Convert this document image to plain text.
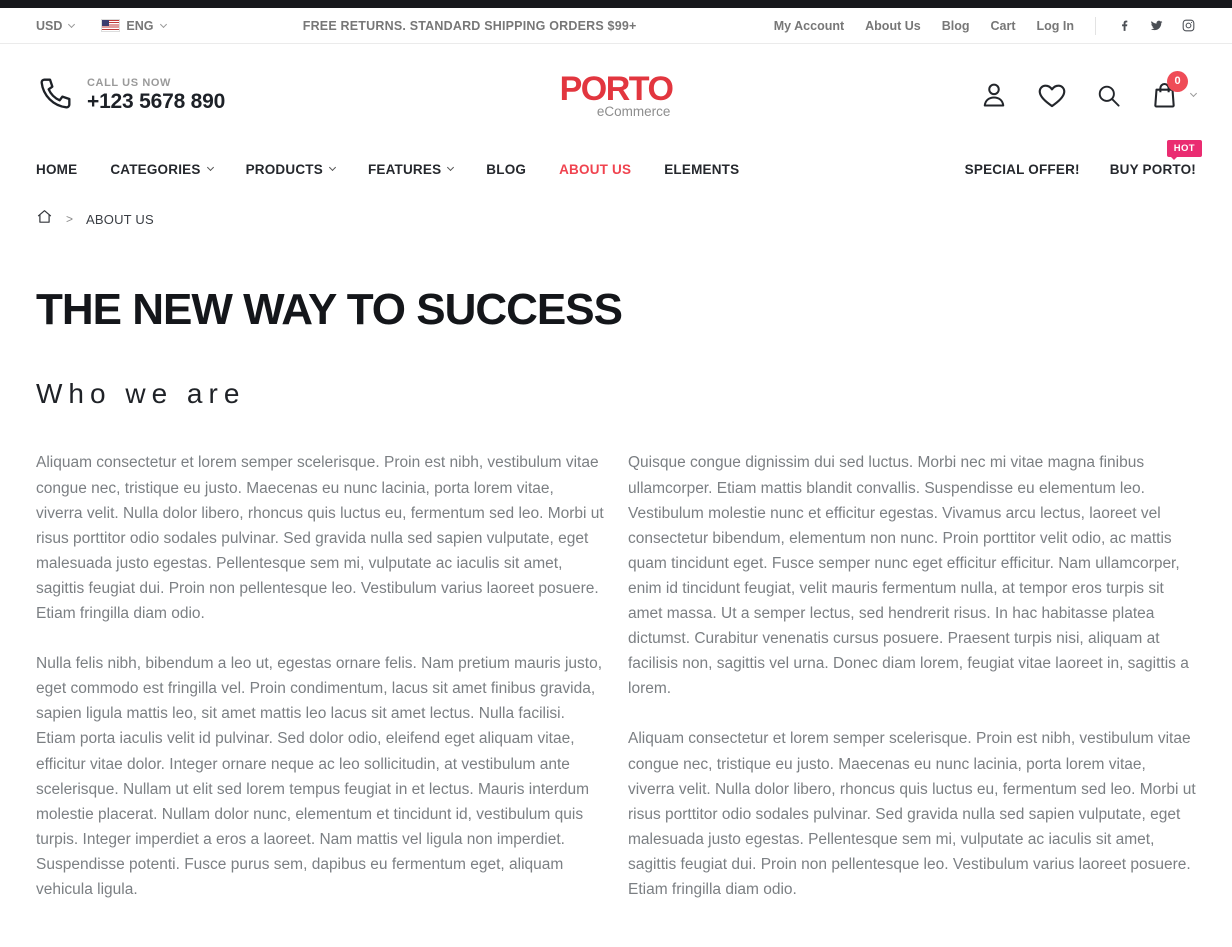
USD	ENG	FREE RETURNS. STANDARD SHIPPING ORDERS $99+	My Account About Us Blog Cart Log In
CALL US NOW
+123 5678 890	PORTO
eCommerce
0
HOME CATEGORIES	PRODUCTS	FEATURES	BLOG ABOUT US ELEMENTS	SPECIAL OFFER! BUY PORTO!
HOT
> ABOUT US
THE NEW WAY TO SUCCESS
Who we are

Aliquam consectetur et lorem semper scelerisque. Proin est nibh, vestibulum vitae congue nec, tristique eu justo. Maecenas eu nunc lacinia, porta lorem vitae, viverra velit. Nulla dolor libero, rhoncus quis luctus eu, fermentum sed leo. Morbi ut risus porttitor odio sodales pulvinar. Sed gravida nulla sed sapien vulputate, eget malesuada justo egestas. Pellentesque sem mi, vulputate ac iaculis sit amet, sagittis feugiat dui. Proin non pellentesque leo. Vestibulum varius laoreet posuere. Etiam fringilla diam odio.

Nulla felis nibh, bibendum a leo ut, egestas ornare felis. Nam pretium mauris justo, eget commodo est fringilla vel. Proin condimentum, lacus sit amet finibus gravida, sapien ligula mattis leo, sit amet mattis leo lacus sit amet lectus. Nulla facilisi. Etiam porta iaculis velit id pulvinar. Sed dolor odio, eleifend eget aliquam vitae, efficitur vitae dolor. Integer ornare neque ac leo sollicitudin, at vestibulum ante scelerisque. Nullam ut elit sed lorem tempus feugiat in et lectus. Mauris interdum molestie placerat. Nullam dolor nunc, elementum et tincidunt id, vestibulum quis turpis. Integer imperdiet a eros a laoreet. Nam mattis vel ligula non imperdiet. Suspendisse potenti. Fusce purus sem, dapibus eu fermentum eget, aliquam vehicula ligula.

Quisque congue dignissim dui sed luctus. Morbi nec mi vitae magna finibus ullamcorper. Etiam mattis blandit convallis. Suspendisse eu elementum leo. Vestibulum molestie nunc et efficitur egestas. Vivamus arcu lectus, laoreet vel consectetur bibendum, elementum non nunc. Proin porttitor velit odio, ac mattis quam tincidunt eget. Fusce semper nunc eget efficitur efficitur. Nam ullamcorper, enim id tincidunt feugiat, velit mauris fermentum nulla, at tempor eros turpis sit amet massa. Ut a semper lectus, sed hendrerit risus. In hac habitasse platea dictumst. Curabitur venenatis cursus posuere. Praesent turpis nisi, aliquam at facilisis non, sagittis vel urna. Donec diam lorem, feugiat vitae laoreet in, sagittis a lorem.

Aliquam consectetur et lorem semper scelerisque. Proin est nibh, vestibulum vitae congue nec, tristique eu justo. Maecenas eu nunc lacinia, porta lorem vitae, viverra velit. Nulla dolor libero, rhoncus quis luctus eu, fermentum sed leo. Morbi ut risus porttitor odio sodales pulvinar. Sed gravida nulla sed sapien vulputate, eget malesuada justo egestas. Pellentesque sem mi, vulputate ac iaculis sit amet, sagittis feugiat dui. Proin non pellentesque leo. Vestibulum varius laoreet posuere. Etiam fringilla diam odio.
